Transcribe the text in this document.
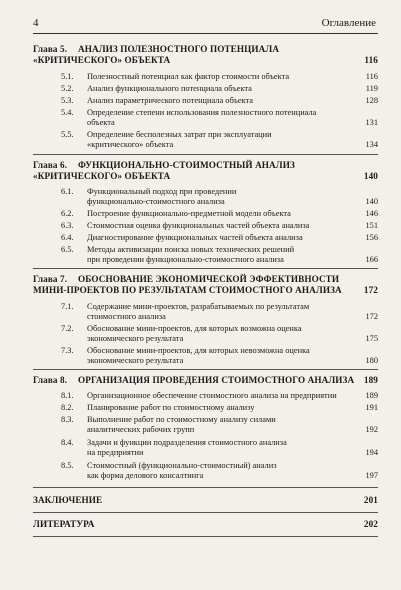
4	Оглавление
Глава 5. АНАЛИЗ ПОЛЕЗНОСТНОГО ПОТЕНЦИАЛА
«КРИТИЧЕСКОГО» ОБЪЕКТА	116
5.1. Полезностный потенциал как фактор стоимости объекта	116
5.2. Анализ функционального потенциала объекта	119
5.3. Анализ параметрического потенциала объекта	128
5.4. Определение степени использования полезностного потенциала
объекта	131
5.5. Определение бесполезных затрат при эксплуатации
«критического» объекта	134
Глава 6. ФУНКЦИОНАЛЬНО-СТОИМОСТНЫЙ АНАЛИЗ
«КРИТИЧЕСКОГО» ОБЪЕКТА	140
6.1. Функциональный подход при проведении
функционально-стоимостного анализа	140
6.2. Построение функционально-предметной модели объекта	146
6.3. Стоимостная оценка функциональных частей объекта анализа	151
6.4. Диагностирование функциональных частей объекта анализа	156
6.5. Методы активизации поиска новых технических решений
при проведении функционально-стоимостного анализа	166
Глава 7. ОБОСНОВАНИЕ ЭКОНОМИЧЕСКОЙ ЭФФЕКТИВНОСТИ
МИНИ-ПРОЕКТОВ ПО РЕЗУЛЬТАТАМ СТОИМОСТНОГО АНАЛИЗА 172
7.1. Содержание мини-проектов, разрабатываемых по результатам
стоимостного анализа	172
7.2. Обоснование мини-проектов, для которых возможна оценка
экономического результата	175
7.3. Обоснование мини-проектов, для которых невозможна оценка
экономического результата	180
Глава 8. ОРГАНИЗАЦИЯ ПРОВЕДЕНИЯ СТОИМОСТНОГО АНАЛИЗА 189
8.1. Организационное обеспечение стоимостного анализа на предприятии	189
8.2. Планирование работ по стоимостному анализу	191
8.3. Выполнение работ по стоимостному анализу силами
аналитических рабочих групп	192
8.4. Задачи и функции подразделения стоимостного анализа
на предприятии	194
8.5. Стоимостный (функционально-стоимостный) анализ
как форма делового консалтинга	197
ЗАКЛЮЧЕНИЕ	201
ЛИТЕРАТУРА	202
